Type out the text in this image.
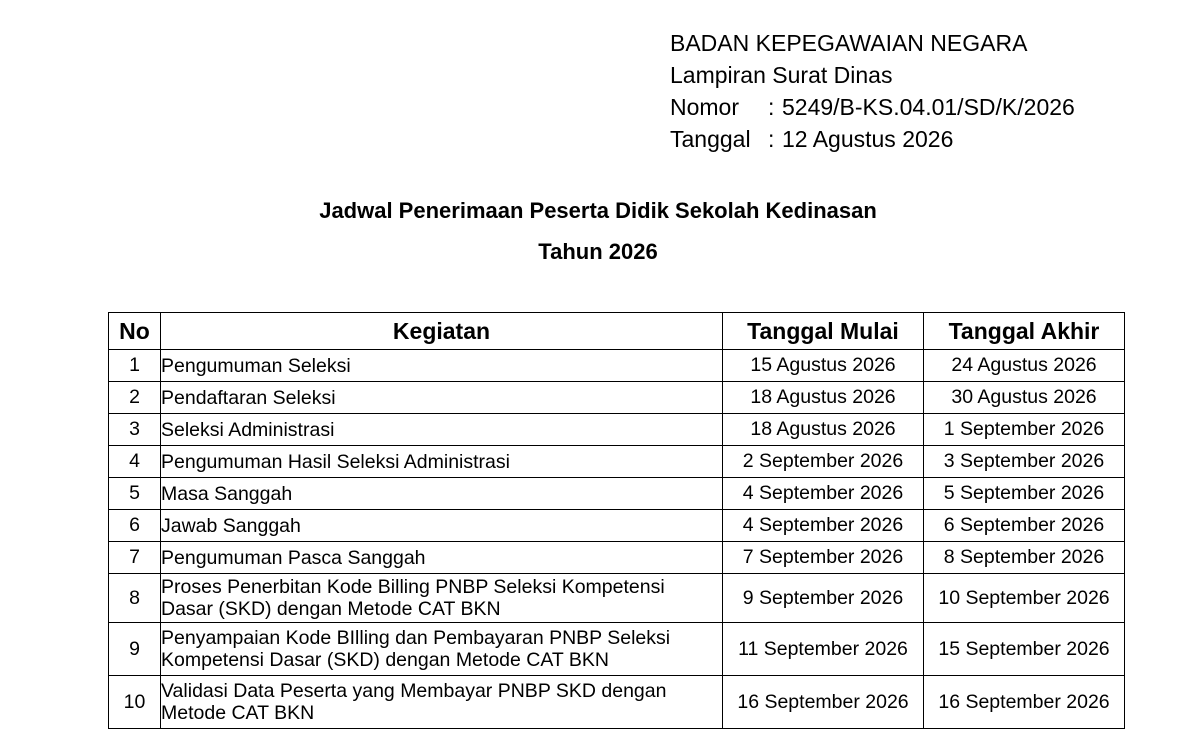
BADAN KEPEGAWAIAN NEGARA
Lampiran Surat Dinas
Nomor : 5249/B-KS.04.01/SD/K/2026
Tanggal : 12 Agustus 2026
Jadwal Penerimaan Peserta Didik Sekolah Kedinasan
Tahun 2026
No	Kegiatan	Tanggal Mulai	Tanggal Akhir
1	Pengumuman Seleksi	15 Agustus 2026	24 Agustus 2026
2	Pendaftaran Seleksi	18 Agustus 2026	30 Agustus 2026
3	Seleksi Administrasi	18 Agustus 2026	1 September 2026
4	Pengumuman Hasil Seleksi Administrasi	2 September 2026	3 September 2026
5	Masa Sanggah	4 September 2026	5 September 2026
6	Jawab Sanggah	4 September 2026	6 September 2026
7	Pengumuman Pasca Sanggah	7 September 2026	8 September 2026
8	Proses Penerbitan Kode Billing PNBP Seleksi Kompetensi Dasar (SKD) dengan Metode CAT BKN	9 September 2026	10 September 2026
9	Penyampaian Kode BIlling dan Pembayaran PNBP Seleksi Kompetensi Dasar (SKD) dengan Metode CAT BKN	11 September 2026	15 September 2026
10	Validasi Data Peserta yang Membayar PNBP SKD dengan Metode CAT BKN	16 September 2026	16 September 2026
